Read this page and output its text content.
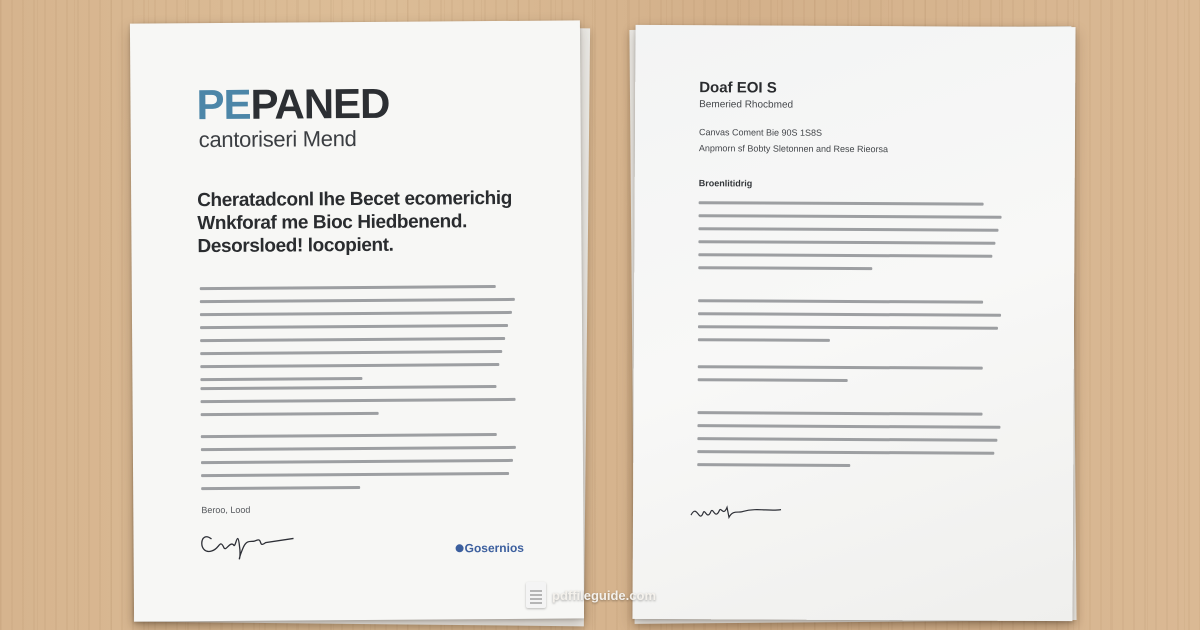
PEPANED
cantoriseri Mend
Cheratadconl Ihe Becet ecomerichig
Wnkforaf me Bioc Hiedbenend.
Desorsloed! locopient.
Beroo, Lood
Gosernios
Doaf EOI S
Bemeried Rhocbmed
Canvas Coment Bie 90S 1S8S
Anpmorn sf Bobty Sletonnen and Rese Rieorsa
Broenlitidrig
pdffileguide.com
